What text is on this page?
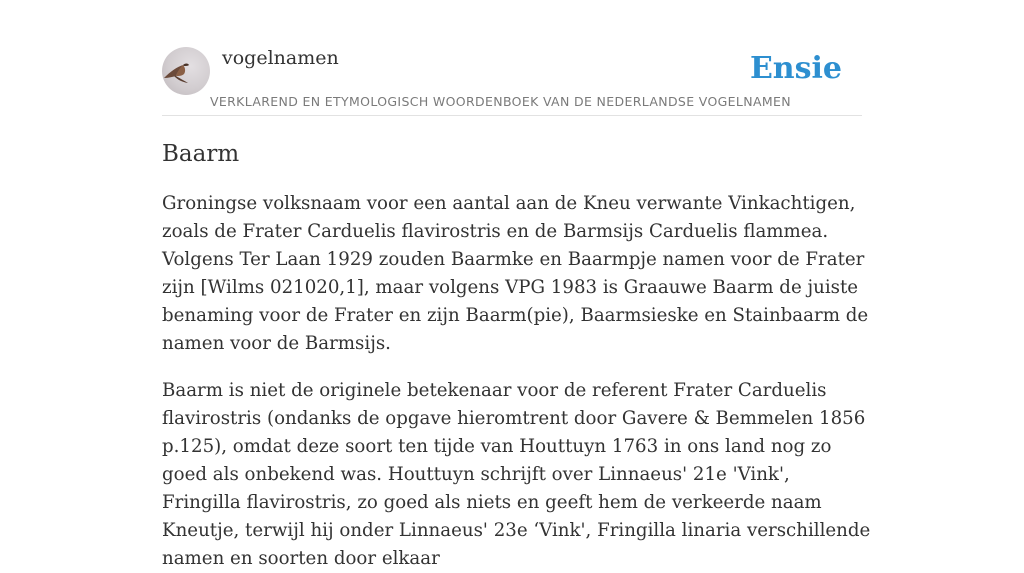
vogelnamen	Ensie
VERKLAREND EN ETYMOLOGISCH WOORDENBOEK VAN DE NEDERLANDSE VOGELNAMEN
Baarm

Groningse volksnaam voor een aantal aan de Kneu verwante Vinkachtigen, zoals de Frater Carduelis flavirostris en de Barmsijs Carduelis flammea. Volgens Ter Laan 1929 zouden Baarmke en Baarmpje namen voor de Frater zijn [Wilms 021020,1], maar volgens VPG 1983 is Graauwe Baarm de juiste benaming voor de Frater en zijn Baarm(pie), Baarmsieske en Stainbaarm de namen voor de Barmsijs.

Baarm is niet de originele betekenaar voor de referent Frater Carduelis flavirostris (ondanks de opgave hieromtrent door Gavere & Bemmelen 1856 p.125), omdat deze soort ten tijde van Houttuyn 1763 in ons land nog zo goed als onbekend was. Houttuyn schrijft over Linnaeus' 21e 'Vink', Fringilla flavirostris, zo goed als niets en geeft hem de verkeerde naam Kneutje, terwijl hij onder Linnaeus' 23e ‘Vink', Fringilla linaria verschillende namen en soorten door elkaar
